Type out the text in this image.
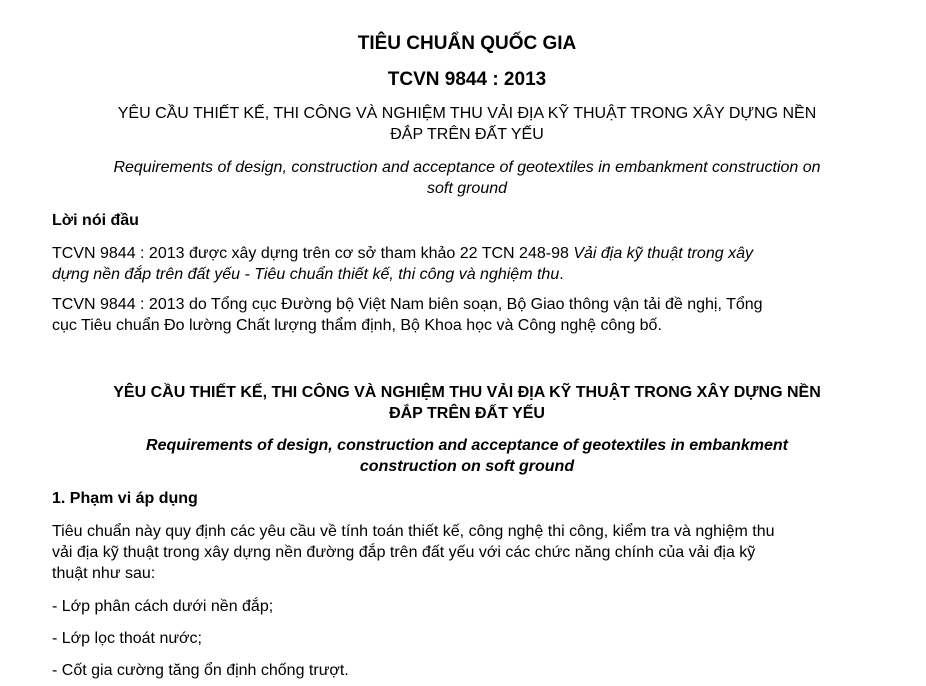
TIÊU CHUẨN QUỐC GIA
TCVN 9844 : 2013
YÊU CẦU THIẾT KẾ, THI CÔNG VÀ NGHIỆM THU VẢI ĐỊA KỸ THUẬT TRONG XÂY DỰNG NỀN
ĐẮP TRÊN ĐẤT YẾU
Requirements of design, construction and acceptance of geotextiles in embankment construction on
soft ground
Lời nói đầu
TCVN 9844 : 2013 được xây dựng trên cơ sở tham khảo 22 TCN 248-98 Vải địa kỹ thuật trong xây
dựng nền đắp trên đất yếu - Tiêu chuẩn thiết kế, thi công và nghiệm thu.
TCVN 9844 : 2013 do Tổng cục Đường bộ Việt Nam biên soạn, Bộ Giao thông vận tải đề nghị, Tổng
cục Tiêu chuẩn Đo lường Chất lượng thẩm định, Bộ Khoa học và Công nghệ công bố.
YÊU CẦU THIẾT KẾ, THI CÔNG VÀ NGHIỆM THU VẢI ĐỊA KỸ THUẬT TRONG XÂY DỰNG NỀN
ĐẮP TRÊN ĐẤT YẾU
Requirements of design, construction and acceptance of geotextiles in embankment
construction on soft ground
1. Phạm vi áp dụng
Tiêu chuẩn này quy định các yêu cầu về tính toán thiết kế, công nghệ thi công, kiểm tra và nghiệm thu
vải địa kỹ thuật trong xây dựng nền đường đắp trên đất yếu với các chức năng chính của vải địa kỹ
thuật như sau:
- Lớp phân cách dưới nền đắp;
- Lớp lọc thoát nước;
- Cốt gia cường tăng ổn định chống trượt.
